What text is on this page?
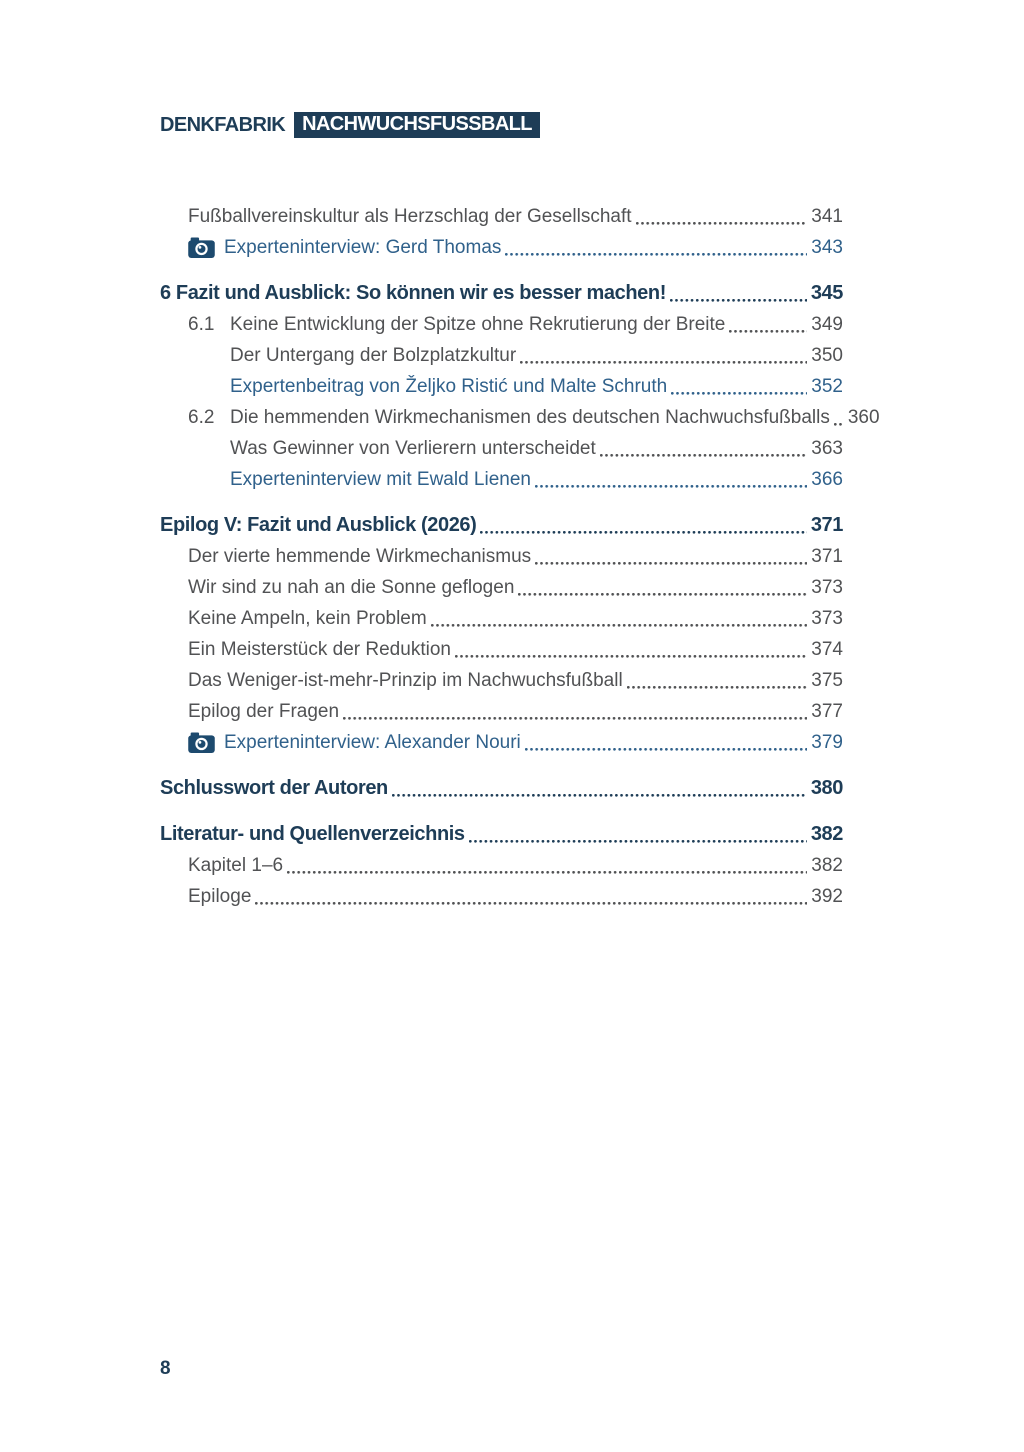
DENKFABRIK NACHWUCHSFUSSBALL
Fußballvereinskultur als Herzschlag der Gesellschaft	341
Experteninterview: Gerd Thomas	343
6 Fazit und Ausblick: So können wir es besser machen!	345
6.1 Keine Entwicklung der Spitze ohne Rekrutierung der Breite	349
Der Untergang der Bolzplatzkultur	350
Expertenbeitrag von Željko Ristić und Malte Schruth	352
6.2 Die hemmenden Wirkmechanismen des deutschen Nachwuchsfußballs 360
Was Gewinner von Verlierern unterscheidet	363
Experteninterview mit Ewald Lienen	366
Epilog V: Fazit und Ausblick (2026)	371
Der vierte hemmende Wirkmechanismus	371
Wir sind zu nah an die Sonne geflogen	373
Keine Ampeln, kein Problem	373
Ein Meisterstück der Reduktion	374
Das Weniger-ist-mehr-Prinzip im Nachwuchsfußball	375
Epilog der Fragen	377
Experteninterview: Alexander Nouri	379
Schlusswort der Autoren	380
Literatur- und Quellenverzeichnis	382
Kapitel 1–6	382
Epiloge	392
8
